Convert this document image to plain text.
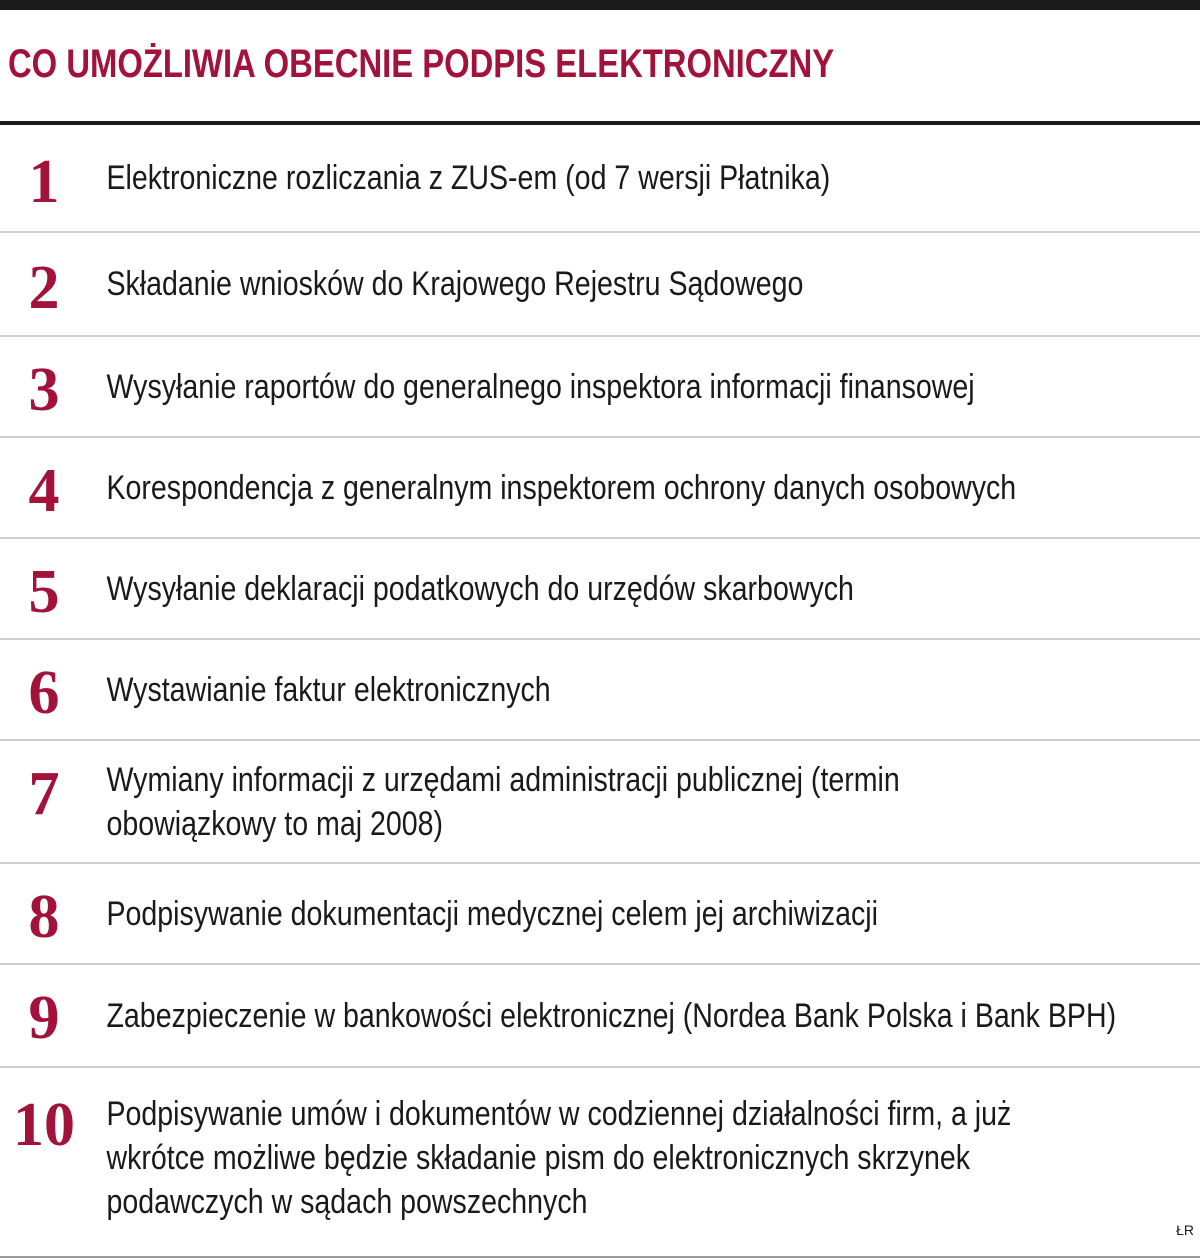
CO UMOŻLIWIA OBECNIE PODPIS ELEKTRONICZNY
1	Elektroniczne rozliczania z ZUS-em (od 7 wersji Płatnika)
2	Składanie wniosków do Krajowego Rejestru Sądowego
3	Wysyłanie raportów do generalnego inspektora informacji finansowej
4	Korespondencja z generalnym inspektorem ochrony danych osobowych
5	Wysyłanie deklaracji podatkowych do urzędów skarbowych
6	Wystawianie faktur elektronicznych
7	Wymiany informacji z urzędami administracji publicznej (termin
obowiązkowy to maj 2008)
8	Podpisywanie dokumentacji medycznej celem jej archiwizacji
9	Zabezpieczenie w bankowości elektronicznej (Nordea Bank Polska i Bank BPH)
10 Podpisywanie umów i dokumentów w codziennej działalności firm, a już
wkrótce możliwe będzie składanie pism do elektronicznych skrzynek
podawczych w sądach powszechnych
ŁR
